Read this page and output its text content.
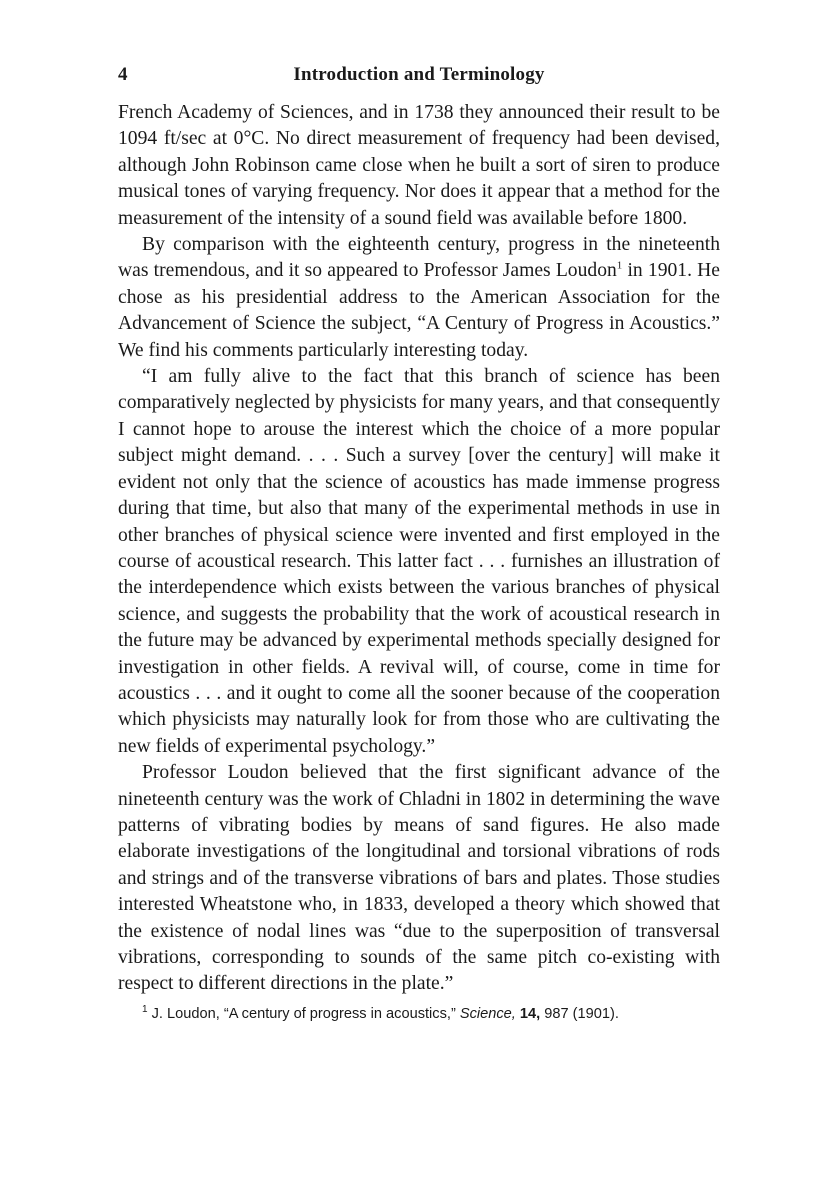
4	Introduction and Terminology

French Academy of Sciences, and in 1738 they announced their result to be 1094 ft/sec at 0°C. No direct measurement of frequency had been devised, although John Robinson came close when he built a sort of siren to produce musical tones of varying frequency. Nor does it appear that a method for the measurement of the intensity of a sound field was available before 1800.

By comparison with the eighteenth century, progress in the nineteenth was tremendous, and it so appeared to Professor James Loudon$^1$ in 1901. He chose as his presidential address to the American Association for the Advancement of Science the subject, “A Century of Progress in Acoustics.” We find his comments particularly interesting today.

“I am fully alive to the fact that this branch of science has been comparatively neglected by physicists for many years, and that consequently I cannot hope to arouse the interest which the choice of a more popular subject might demand. . . . Such a survey [over the century] will make it evident not only that the science of acoustics has made immense progress during that time, but also that many of the experimental methods in use in other branches of physical science were invented and first employed in the course of acoustical research. This latter fact . . . furnishes an illustration of the interdependence which exists between the various branches of physical science, and suggests the probability that the work of acoustical research in the future may be advanced by experimental methods specially designed for investigation in other fields. A revival will, of course, come in time for acoustics . . . and it ought to come all the sooner because of the cooperation which physicists may naturally look for from those who are cultivating the new fields of experimental psychology.”

Professor Loudon believed that the first significant advance of the nineteenth century was the work of Chladni in 1802 in determining the wave patterns of vibrating bodies by means of sand figures. He also made elaborate investigations of the longitudinal and torsional vibrations of rods and strings and of the transverse vibrations of bars and plates. Those studies interested Wheatstone who, in 1833, developed a theory which showed that the existence of nodal lines was “due to the superposition of transversal vibrations, corresponding to sounds of the same pitch co-existing with respect to different directions in the plate.”

$^1$ J. Loudon, “A century of progress in acoustics,” Science, 14, 987 (1901).
